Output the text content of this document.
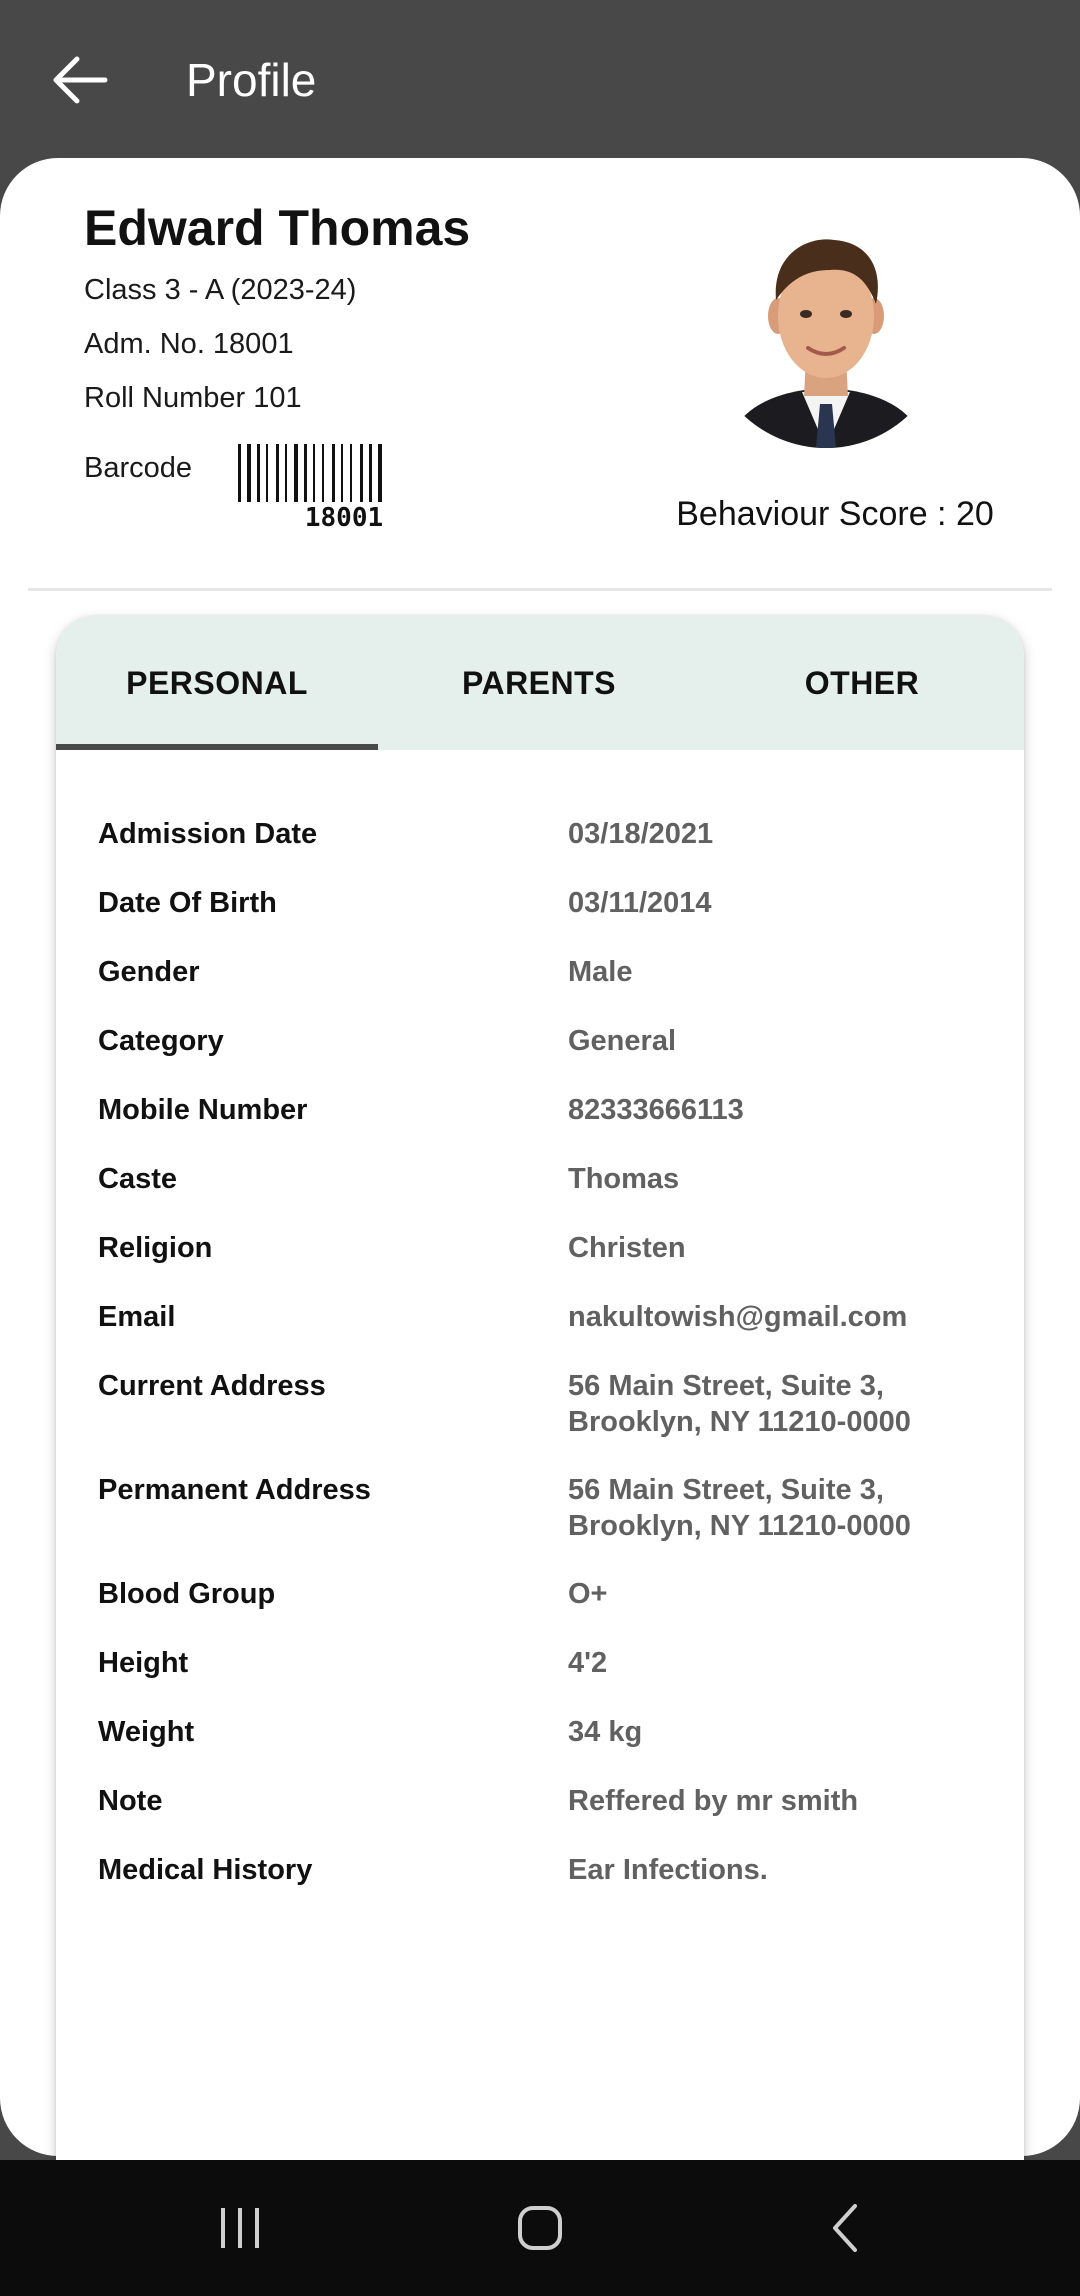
Profile
Edward Thomas
Class 3 - A (2023-24)
Adm. No. 18001
Roll Number 101
Barcode
18001	Behaviour Score : 20
PERSONAL	PARENTS	OTHER
Admission Date	03/18/2021
Date Of Birth	03/11/2014
Gender	Male
Category	General
Mobile Number	82333666113
Caste	Thomas
Religion	Christen
Email	nakultowish@gmail.com
Current Address	56 Main Street, Suite 3,
Brooklyn, NY 11210-0000
Permanent Address	56 Main Street, Suite 3,
Brooklyn, NY 11210-0000
Blood Group	O+
Height	4'2
Weight	34 kg
Note	Reffered by mr smith
Medical History	Ear Infections.
